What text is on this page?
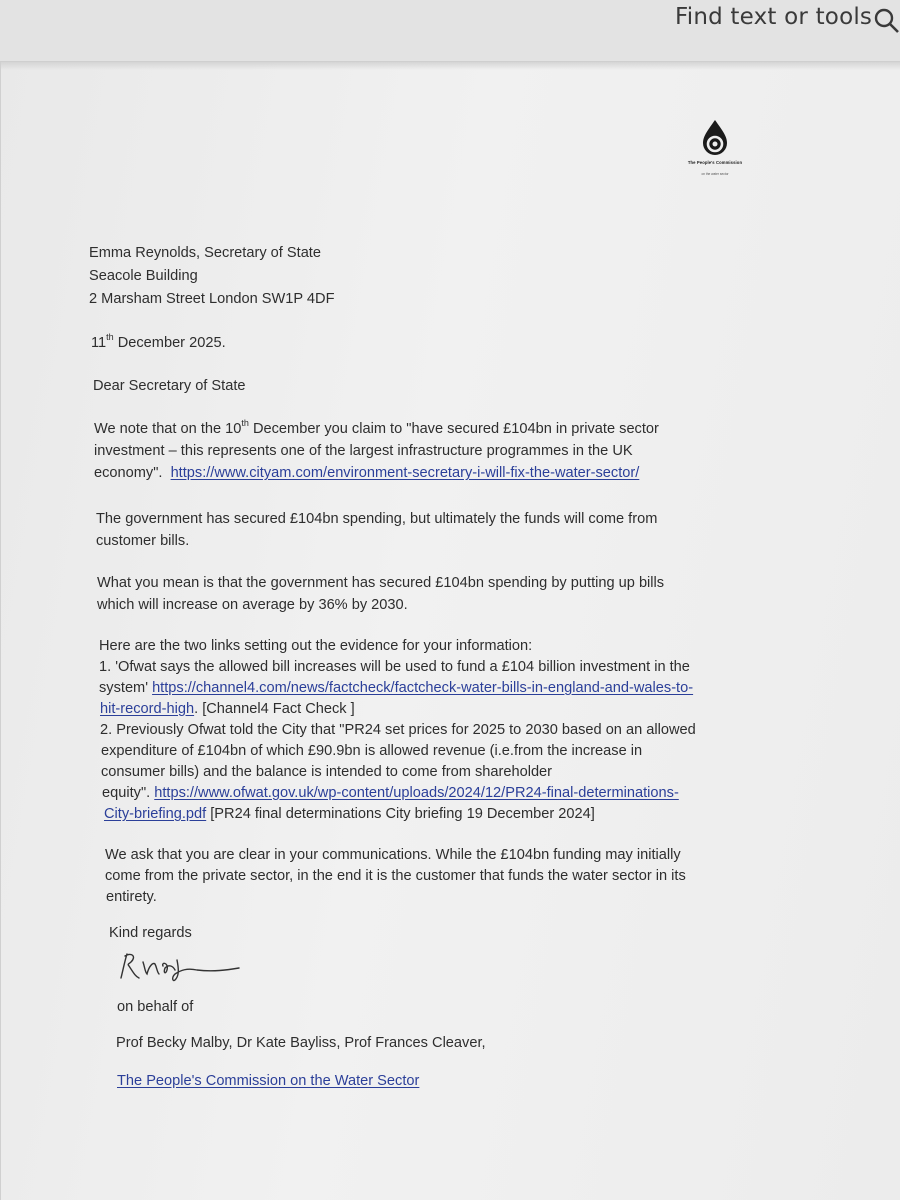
Find text or tools
The People's Commission
on the water sector
Emma Reynolds, Secretary of State
Seacole Building
2 Marsham Street London SW1P 4DF
11th December 2025.
Dear Secretary of State
We note that on the 10th December you claim to "have secured £104bn in private sector
investment – this represents one of the largest infrastructure programmes in the UK
economy". https://www.cityam.com/environment-secretary-i-will-fix-the-water-sector/
The government has secured £104bn spending, but ultimately the funds will come from
customer bills.
What you mean is that the government has secured £104bn spending by putting up bills
which will increase on average by 36% by 2030.
Here are the two links setting out the evidence for your information:
1. 'Ofwat says the allowed bill increases will be used to fund a £104 billion investment in the
system' https://channel4.com/news/factcheck/factcheck-water-bills-in-england-and-wales-to-
hit-record-high. [Channel4 Fact Check ]
2. Previously Ofwat told the City that "PR24 set prices for 2025 to 2030 based on an allowed
expenditure of £104bn of which £90.9bn is allowed revenue (i.e.from the increase in
consumer bills) and the balance is intended to come from shareholder
equity". https://www.ofwat.gov.uk/wp-content/uploads/2024/12/PR24-final-determinations-
City-briefing.pdf [PR24 final determinations City briefing 19 December 2024]
We ask that you are clear in your communications. While the £104bn funding may initially
come from the private sector, in the end it is the customer that funds the water sector in its
entirety.
Kind regards
on behalf of
Prof Becky Malby, Dr Kate Bayliss, Prof Frances Cleaver,
The People's Commission on the Water Sector
